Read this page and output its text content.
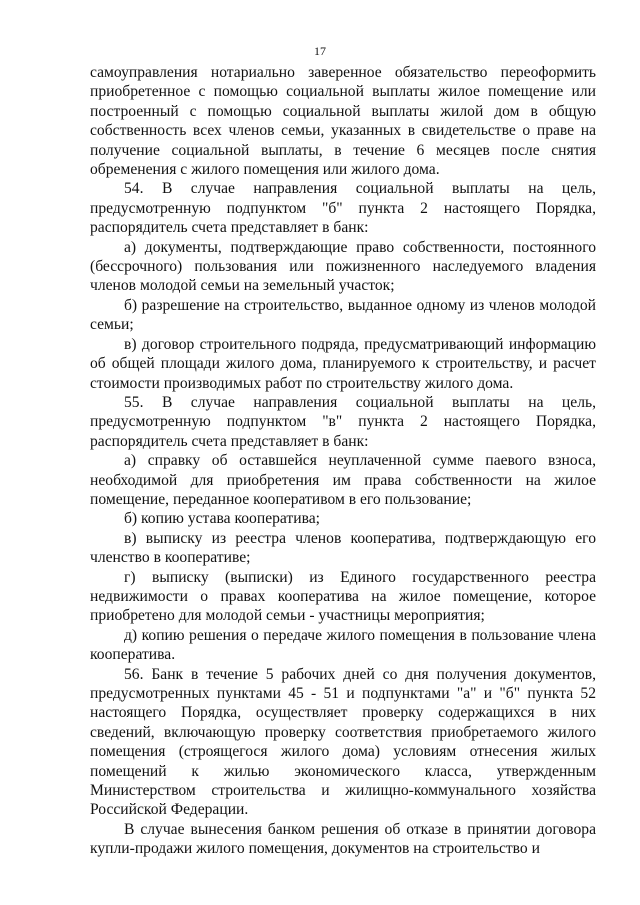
17

самоуправления нотариально заверенное обязательство переоформить приобретенное с помощью социальной выплаты жилое помещение или построенный с помощью социальной выплаты жилой дом в общую собственность всех членов семьи, указанных в свидетельстве о праве на получение социальной выплаты, в течение 6 месяцев после снятия обременения с жилого помещения или жилого дома.

54. В случае направления социальной выплаты на цель, предусмотренную подпунктом "б" пункта 2 настоящего Порядка, распорядитель счета представляет в банк:

а) документы, подтверждающие право собственности, постоянного (бессрочного) пользования или пожизненного наследуемого владения членов молодой семьи на земельный участок;

б) разрешение на строительство, выданное одному из членов молодой семьи;

в) договор строительного подряда, предусматривающий информацию об общей площади жилого дома, планируемого к строительству, и расчет стоимости производимых работ по строительству жилого дома.

55. В случае направления социальной выплаты на цель, предусмотренную подпунктом "в" пункта 2 настоящего Порядка, распорядитель счета представляет в банк:

а) справку об оставшейся неуплаченной сумме паевого взноса, необходимой для приобретения им права собственности на жилое помещение, переданное кооперативом в его пользование;

б) копию устава кооператива;

в) выписку из реестра членов кооператива, подтверждающую его членство в кооперативе;

г) выписку (выписки) из Единого государственного реестра недвижимости о правах кооператива на жилое помещение, которое приобретено для молодой семьи - участницы мероприятия;

д) копию решения о передаче жилого помещения в пользование члена кооператива.

56. Банк в течение 5 рабочих дней со дня получения документов, предусмотренных пунктами 45 - 51 и подпунктами "а" и "б" пункта 52 настоящего Порядка, осуществляет проверку содержащихся в них сведений, включающую проверку соответствия приобретаемого жилого помещения (строящегося жилого дома) условиям отнесения жилых помещений к жилью экономического класса, утвержденным Министерством строительства и жилищно-коммунального хозяйства Российской Федерации.

В случае вынесения банком решения об отказе в принятии договора купли-продажи жилого помещения, документов на строительство и
